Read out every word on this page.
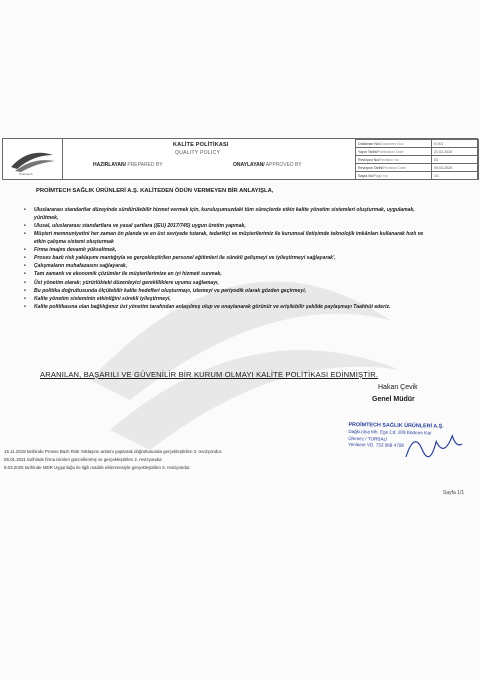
Proimtech
KALİTE POLİTİKASI
QUALITY POLICY
HAZIRLAYAN/ PREPARED BY	ONAYLAYAN/ APPROVED BY
Doküman No/Document Nov	K.001
Yayın Tarihi/Publication Date	21.02.2015
Revizyon No/Revision No	03
Revizyon Tarihi/Revision Date	09.03.2025
Sayfa No/Page No	1/1
PROİMTECH SAĞLIK ÜRÜNLERİ A.Ş. KALİTEDEN ÖDÜN VERMEYEN BİR ANLAYIŞLA,
• Uluslararası standartlar düzeyinde sürdürülebilir hizmet vermek için, kuruluşumuzdaki tüm süreçlerde etkin kalite yönetim sistemleri oluşturmak, uygulamak, yürütmek,
• Ulusal, uluslararası standartlara ve yasal şartlara ((EU) 2017/745) uygun üretim yapmak,
• Müşteri memnuniyetini her zaman ön planda ve en üst seviyede tutarak, tedarikçi ve müşterilerimiz ile kurumsal iletişimde teknolojik imkânları kullanarak hızlı ve etkin çalışma sistemi oluşturmak
• Firma imajını devamlı yükseltmek,
• Proses bazlı risk yaklaşımı mantığıyla ve gerçekleştirilen personel eğitimleri ile sürekli gelişmeyi ve iyileştirmeyi sağlayarak',
• Çalışmaların muhafazasını sağlayarak,
• Tam zamanlı ve ekonomik çözümler ile müşterilerimize en iyi hizmeti sunmak,
• Üst yönetim olarak; yürürlükteki düzenleyici gerekliliklere uyumu sağlamayı,
• Bu politika doğrultusunda ölçülebilir kalite hedefleri oluşturmayı, izlemeyi ve periyodik olarak gözden geçirmeyi,
• Kalite yönetim sisteminin etkinliğini sürekli iyileştirmeyi,
• Kalite politikasına olan bağlılığımız üst yönetim tarafından anlaşılmış olup ve onaylanarak görünür ve erişilebilir şekilde paylaşmayı Taahhüt ederiz.
ARANILAN, BAŞARILI VE GÜVENİLİR BİR KURUM OLMAYI KALİTE POLİTİKASI EDİNMİŞTİR.
Hakan Çevik
Genel Müdür
PROİMTECH SAĞLIK ÜRÜNLERİ A.Ş.
Dağkızılca Mh. Ege Cd. 209 Bodrum Kat
Ürkmez / TORBALI
Yenikent VD. 733 068 4708
15.11.2018 tarihinde Proses Bazlı Risk Yaklaşımı anlamı yapılarak doğrultusunda gerçekleştirilen 3. revizyondur.
06.01.2021 tarihinde firma isimleri güncellenmiş ve gerçekleştirilen 2. revizyondur.
9.03.2025 tarihinde MDR Uygunluğu ile ilgili madde eklenmesiyle gerçekleştirilen 3. revizyondur.
Sayfa 1/1
